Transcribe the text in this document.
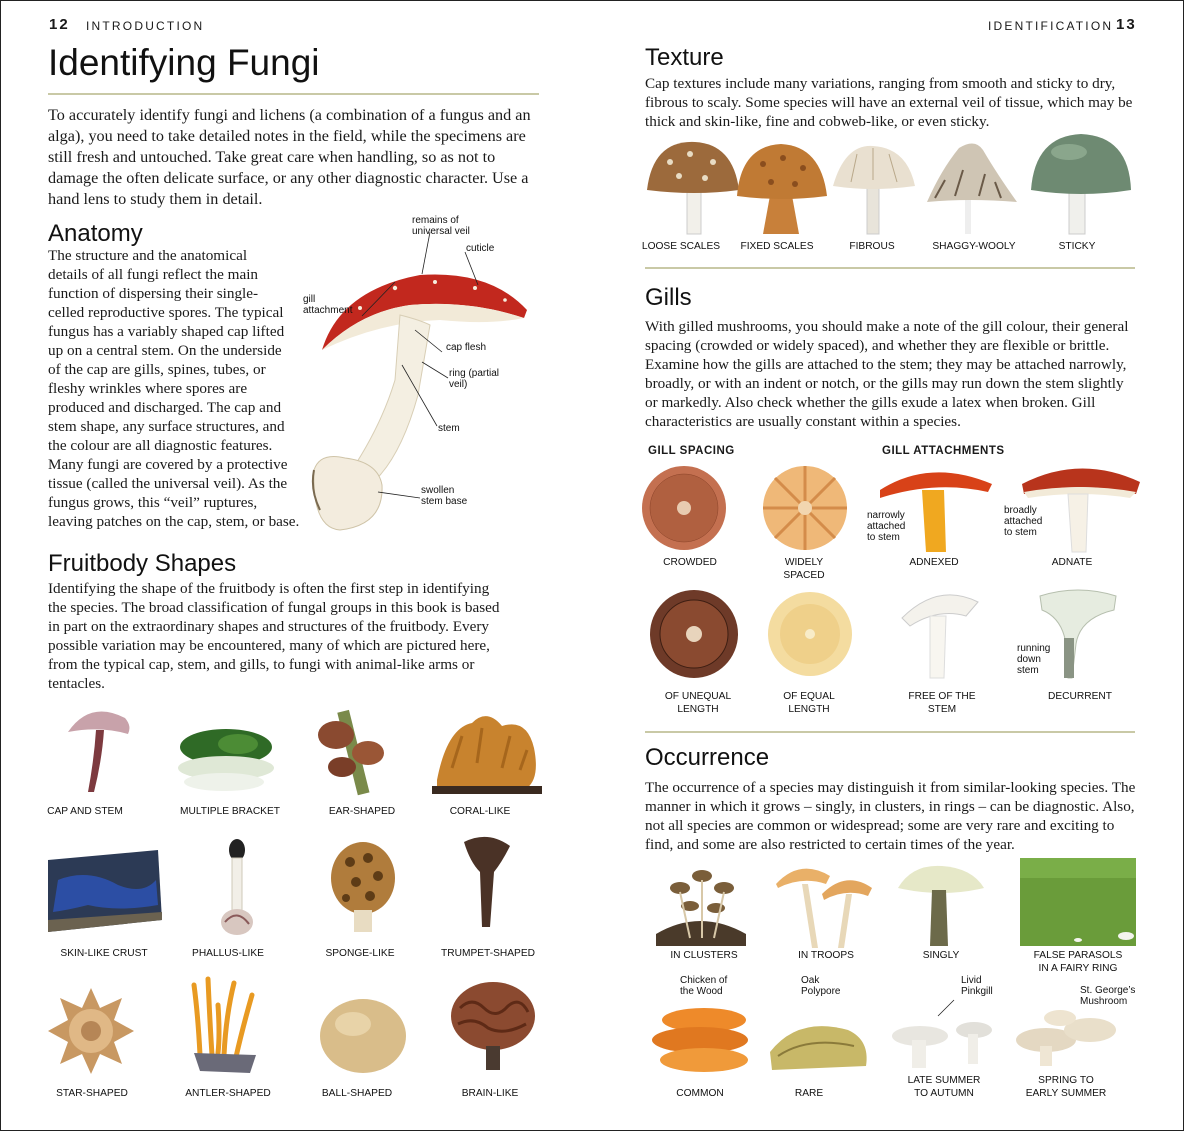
12 INTRODUCTION
Identifying Fungi
To accurately identify fungi and lichens (a combination of a fungus and an alga), you need to take detailed notes in the field, while the specimens are still fresh and untouched. Take great care when handling, so as not to damage the often delicate surface, or any other diagnostic character. Use a hand lens to study them in detail.
Anatomy
The structure and the anatomical
details of all fungi reflect the main
function of dispersing their single-
celled reproductive spores. The typical
fungus has a variably shaped cap lifted
up on a central stem. On the underside
of the cap are gills, spines, tubes, or
fleshy wrinkles where spores are
produced and discharged. The cap and
stem shape, any surface structures, and
the colour are all diagnostic features.
Many fungi are covered by a protective
tissue (called the universal veil). As the
fungus grows, this “veil” ruptures,
leaving patches on the cap, stem, or base.
remains of
universal veil
cuticle
gill
attachment
cap flesh
ring (partial
veil)
stem
swollen
stem base
Fruitbody Shapes
Identifying the shape of the fruitbody is often the first step in identifying the species. The broad classification of fungal groups in this book is based in part on the extraordinary shapes and structures of the fruitbody. Every possible variation may be encountered, many of which are pictured here, from the typical cap, stem, and gills, to fungi with animal-like arms or tentacles.
CAP AND STEM	MULTIPLE BRACKET	EAR-SHAPED	CORAL-LIKE
SKIN-LIKE CRUST	PHALLUS-LIKE	SPONGE-LIKE	TRUMPET-SHAPED
STAR-SHAPED	ANTLER-SHAPED	BALL-SHAPED	BRAIN-LIKE
IDENTIFICATION 13
Texture
Cap textures include many variations, ranging from smooth and sticky to dry, fibrous to scaly. Some species will have an external veil of tissue, which may be thick and skin-like, fine and cobweb-like, or even sticky.
LOOSE SCALES	FIXED SCALES	FIBROUS	SHAGGY-WOOLY	STICKY
Gills
With gilled mushrooms, you should make a note of the gill colour, their general spacing (crowded or widely spaced), and whether they are flexible or brittle. Examine how the gills are attached to the stem; they may be attached narrowly, broadly, or with an indent or notch, or the gills may run down the stem slightly or markedly. Also check whether the gills exude a latex when broken. Gill characteristics are usually constant within a species.
GILL SPACING	GILL ATTACHMENTS
narrowly
attached
to stem
broadly
attached
to stem
CROWDED	WIDELY
SPACED
ADNEXED	ADNATE
running
down
stem
OF UNEQUAL
LENGTH
OF EQUAL
LENGTH
FREE OF THE
STEM
DECURRENT
Occurrence
The occurrence of a species may distinguish it from similar-looking species. The manner in which it grows – singly, in clusters, in rings – can be diagnostic. Also, not all species are common or widespread; some are very rare and exciting to find, and some are also restricted to certain times of the year.
IN CLUSTERS	IN TROOPS	SINGLY	FALSE PARASOLS
IN A FAIRY RING
Chicken of
the Wood
Oak
Polypore
Livid
Pinkgill	St. George’s
Mushroom
COMMON	RARE
LATE SUMMER
TO AUTUMN
SPRING TO
EARLY SUMMER
